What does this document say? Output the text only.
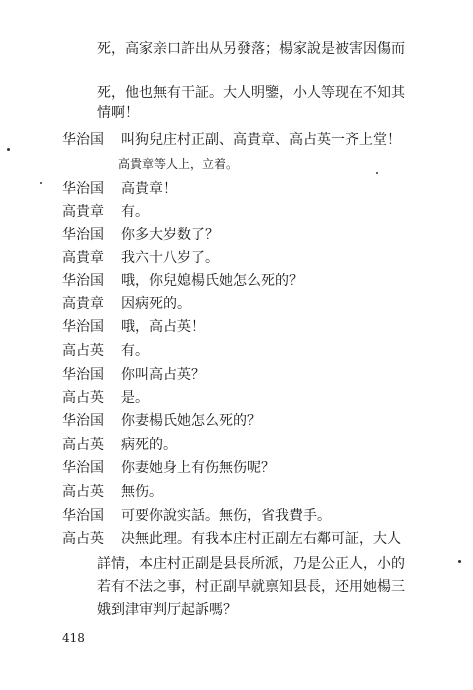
死，高家亲口許出从另發落；楊家說是被害因傷而
死，他也無有干証。大人明鑒，小人等现在不知其
情啊！
华治国 叫狗兒庄村正副、高貴章、高占英一齐上堂！
高貴章等人上，立着。
华治国 高貴章！
高貴章 有。
华治国 你多大岁数了？
高貴章 我六十八岁了。
华治国 哦，你兒媳楊氏她怎么死的？
高貴章 因病死的。
华治国 哦，高占英！
高占英 有。
华治国 你叫高占英？
高占英 是。
华治国 你妻楊氏她怎么死的？
高占英 病死的。
华治国 你妻她身上有伤無伤呢？
高占英 無伤。
华治国 可要你說实話。無伤，省我費手。
高占英 决無此理。有我本庄村正副左右鄰可証，大人
詳情，本庄村正副是县長所派，乃是公正人，小的
若有不法之事，村正副早就禀知县長，还用她楊三
娥到津审判厅起訴嗎？
418
